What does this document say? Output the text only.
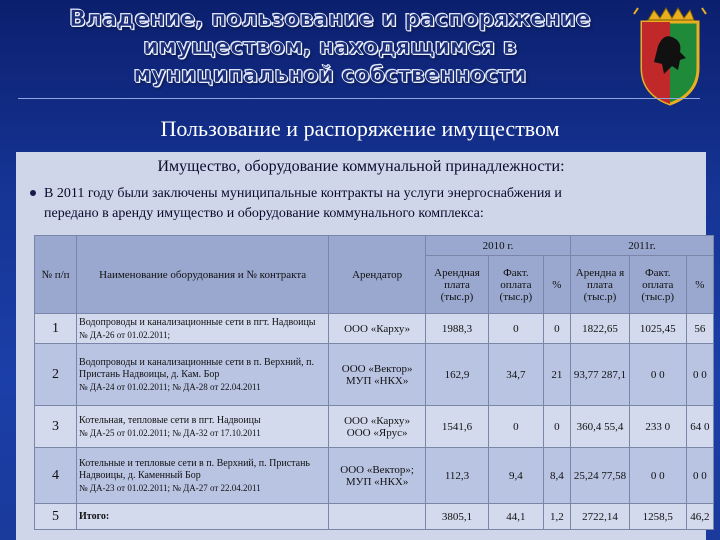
Владение, пользование и распоряжение
имуществом, находящимся в
муниципальной собственности
Пользование и распоряжение имуществом
Имущество, оборудование коммунальной принадлежности:
В 2011 году были заключены муниципальные контракты на услуги энергоснабжения и
передано в аренду имущество и оборудование коммунального комплекса:
№ п/п	Наименование оборудования и № контракта	Арендатор	2010 г.			2011г.		
			Арендная плата (тыс.р)	Факт. оплата (тыс.р)	%	Арендна я плата (тыс.р)	Факт. оплата (тыс.р)	%
1	Водопроводы и канализационные сети в пгт. Надвоицы
№ ДА-26 от 01.02.2011;	ООО «Карху»	1988,3	0	0	1822,65	1025,45	56
2	Водопроводы и канализационные сети в п. Верхний, п. Пристань Надвоицы, д. Кам. Бор
№ ДА-24 от 01.02.2011; № ДА-28 от 22.04.2011	ООО «Вектор» МУП «НКХ»	162,9	34,7	21	93,77 287,1	0 0	0 0
3	Котельная, тепловые сети в пгт. Надвоицы
№ ДА-25 от 01.02.2011; № ДА-32 от 17.10.2011	ООО «Карху» ООО «Ярус»	1541,6	0	0	360,4 55,4	233 0	64 0
4	Котельные и тепловые сети в п. Верхний, п. Пристань Надвоицы, д. Каменный Бор
№ ДА-23 от 01.02.2011; № ДА-27 от 22.04.2011	ООО «Вектор»; МУП «НКХ»	112,3	9,4	8,4	25,24 77,58	0 0	0 0
5	Итого:		3805,1	44,1	1,2	2722,14	1258,5	46,2
